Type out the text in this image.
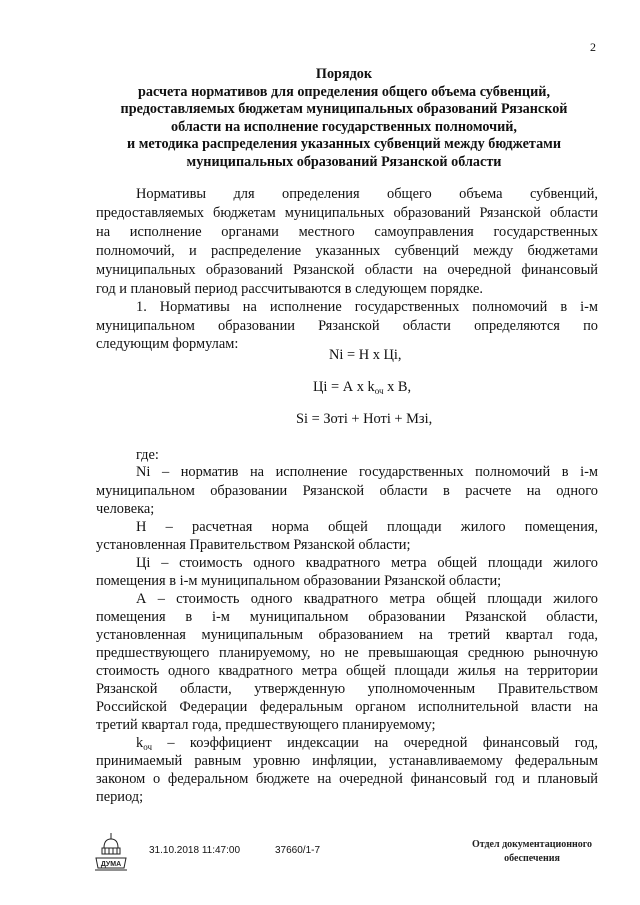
2
Порядок
расчета нормативов для определения общего объема субвенций,
предоставляемых бюджетам муниципальных образований Рязанской
области на исполнение государственных полномочий,
и методика распределения указанных субвенций между бюджетами
муниципальных образований Рязанской области
Нормативы для определения общего объема субвенций,
предоставляемых бюджетам муниципальных образований Рязанской области
на исполнение органами местного самоуправления государственных
полномочий, и распределение указанных субвенций между бюджетами
муниципальных образований Рязанской области на очередной финансовый
год и плановый период рассчитываются в следующем порядке.
1. Нормативы на исполнение государственных полномочий в i-м
муниципальном образовании Рязанской области определяются по
следующим формулам:
Ni = Н х Цi,
Цi = А х $k_{оч}$ х В,
Si = Зотi + Нотi + Мзi,
где:
Ni – норматив на исполнение государственных полномочий в i-м
муниципальном образовании Рязанской области в расчете на одного
человека;
Н – расчетная норма общей площади жилого помещения,
установленная Правительством Рязанской области;
Цi – стоимость одного квадратного метра общей площади жилого
помещения в i-м муниципальном образовании Рязанской области;
А – стоимость одного квадратного метра общей площади жилого
помещения в i-м муниципальном образовании Рязанской области,
установленная муниципальным образованием на третий квартал года,
предшествующего планируемому, но не превышающая среднюю рыночную
стоимость одного квадратного метра общей площади жилья на территории
Рязанской области, утвержденную уполномоченным Правительством
Российской Федерации федеральным органом исполнительной власти на
третий квартал года, предшествующего планируемому;
$k_{оч}$ – коэффициент индексации на очередной финансовый год,
принимаемый равным уровню инфляции, устанавливаемому федеральным
законом о федеральном бюджете на очередной финансовый год и плановый
период;
ДУМА
31.10.2018 11:47:00	37660/1-7
Отдел документационного
обеспечения
